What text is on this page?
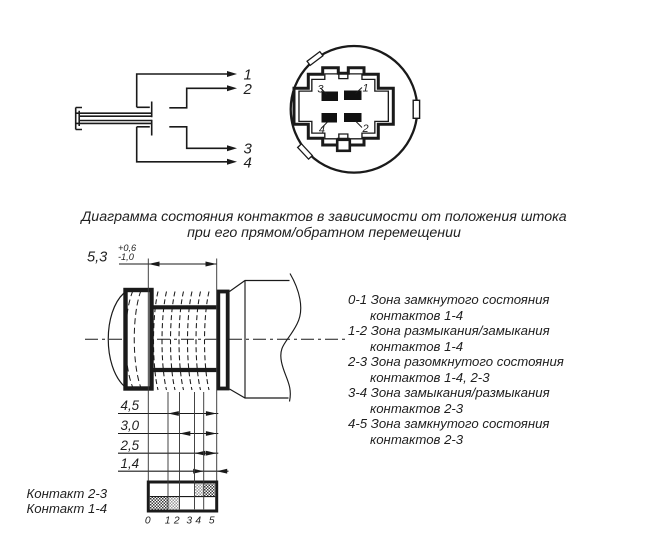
1
2
3
4
3	1
4	2
5,3
+0,6
-1,0
4,5
3,0
2,5
1,4
0 1 2 3 4 5
Контакт 2-3
Контакт 1-4
Диаграмма состояния контактов в зависимости от положения штока
при его прямом/обратном перемещении
0-1 Зона замкнутого состояния
контактов 1-4
1-2 Зона размыкания/замыкания
контактов 1-4
2-3 Зона разомкнутого состояния
контактов 1-4, 2-3
3-4 Зона замыкания/размыкания
контактов 2-3
4-5 Зона замкнутого состояния
контактов 2-3
